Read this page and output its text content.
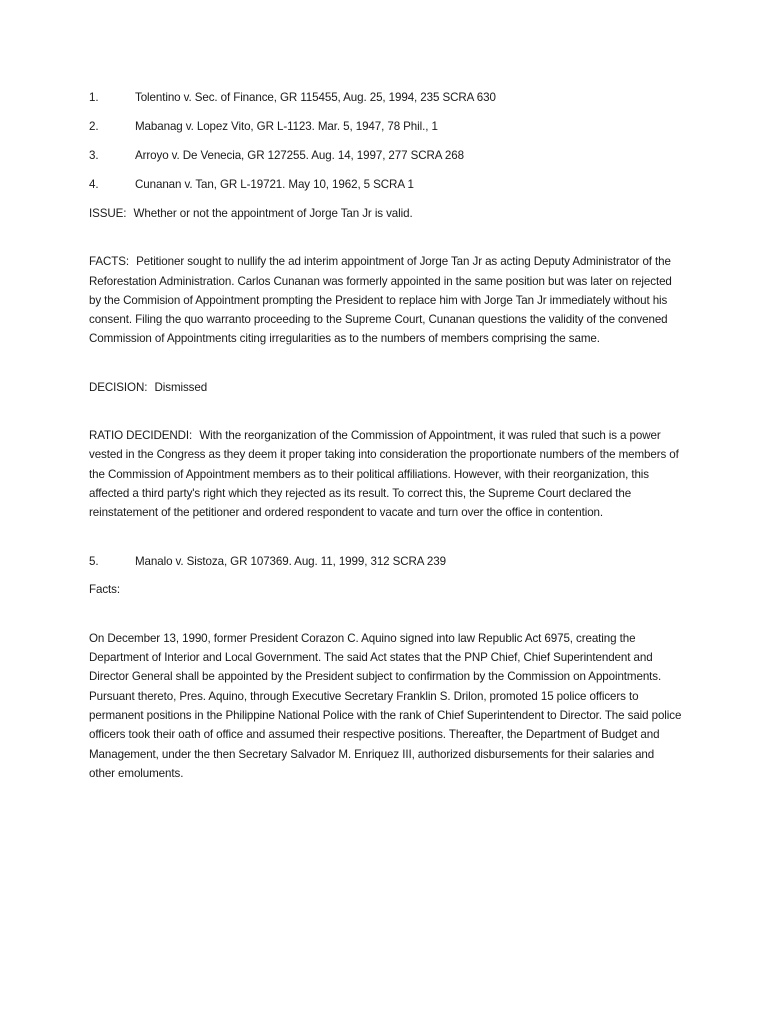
1.	Tolentino v. Sec. of Finance, GR 115455, Aug. 25, 1994, 235 SCRA 630
2.	Mabanag v. Lopez Vito, GR L-1123. Mar. 5, 1947, 78 Phil., 1
3.	Arroyo v. De Venecia, GR 127255. Aug. 14, 1997, 277 SCRA 268
4.	Cunanan v. Tan, GR L-19721. May 10, 1962, 5 SCRA 1

ISSUE: Whether or not the appointment of Jorge Tan Jr is valid.

FACTS: Petitioner sought to nullify the ad interim appointment of Jorge Tan Jr as acting Deputy Administrator of the Reforestation Administration. Carlos Cunanan was formerly appointed in the same position but was later on rejected by the Commision of Appointment prompting the President to replace him with Jorge Tan Jr immediately without his consent. Filing the quo warranto proceeding to the Supreme Court, Cunanan questions the validity of the convened Commission of Appointments citing irregularities as to the numbers of members comprising the same.

DECISION: Dismissed

RATIO DECIDENDI: With the reorganization of the Commission of Appointment, it was ruled that such is a power vested in the Congress as they deem it proper taking into consideration the proportionate numbers of the members of the Commission of Appointment members as to their political affiliations. However, with their reorganization, this affected a third party's right which they rejected as its result. To correct this, the Supreme Court declared the reinstatement of the petitioner and ordered respondent to vacate and turn over the office in contention.

5.	Manalo v. Sistoza, GR 107369. Aug. 11, 1999, 312 SCRA 239

Facts:

On December 13, 1990, former President Corazon C. Aquino signed into law Republic Act 6975, creating the Department of Interior and Local Government. The said Act states that the PNP Chief, Chief Superintendent and Director General shall be appointed by the President subject to confirmation by the Commission on Appointments. Pursuant thereto, Pres. Aquino, through Executive Secretary Franklin S. Drilon, promoted 15 police officers to permanent positions in the Philippine National Police with the rank of Chief Superintendent to Director. The said police officers took their oath of office and assumed their respective positions. Thereafter, the Department of Budget and Management, under the then Secretary Salvador M. Enriquez III, authorized disbursements for their salaries and other emoluments.
